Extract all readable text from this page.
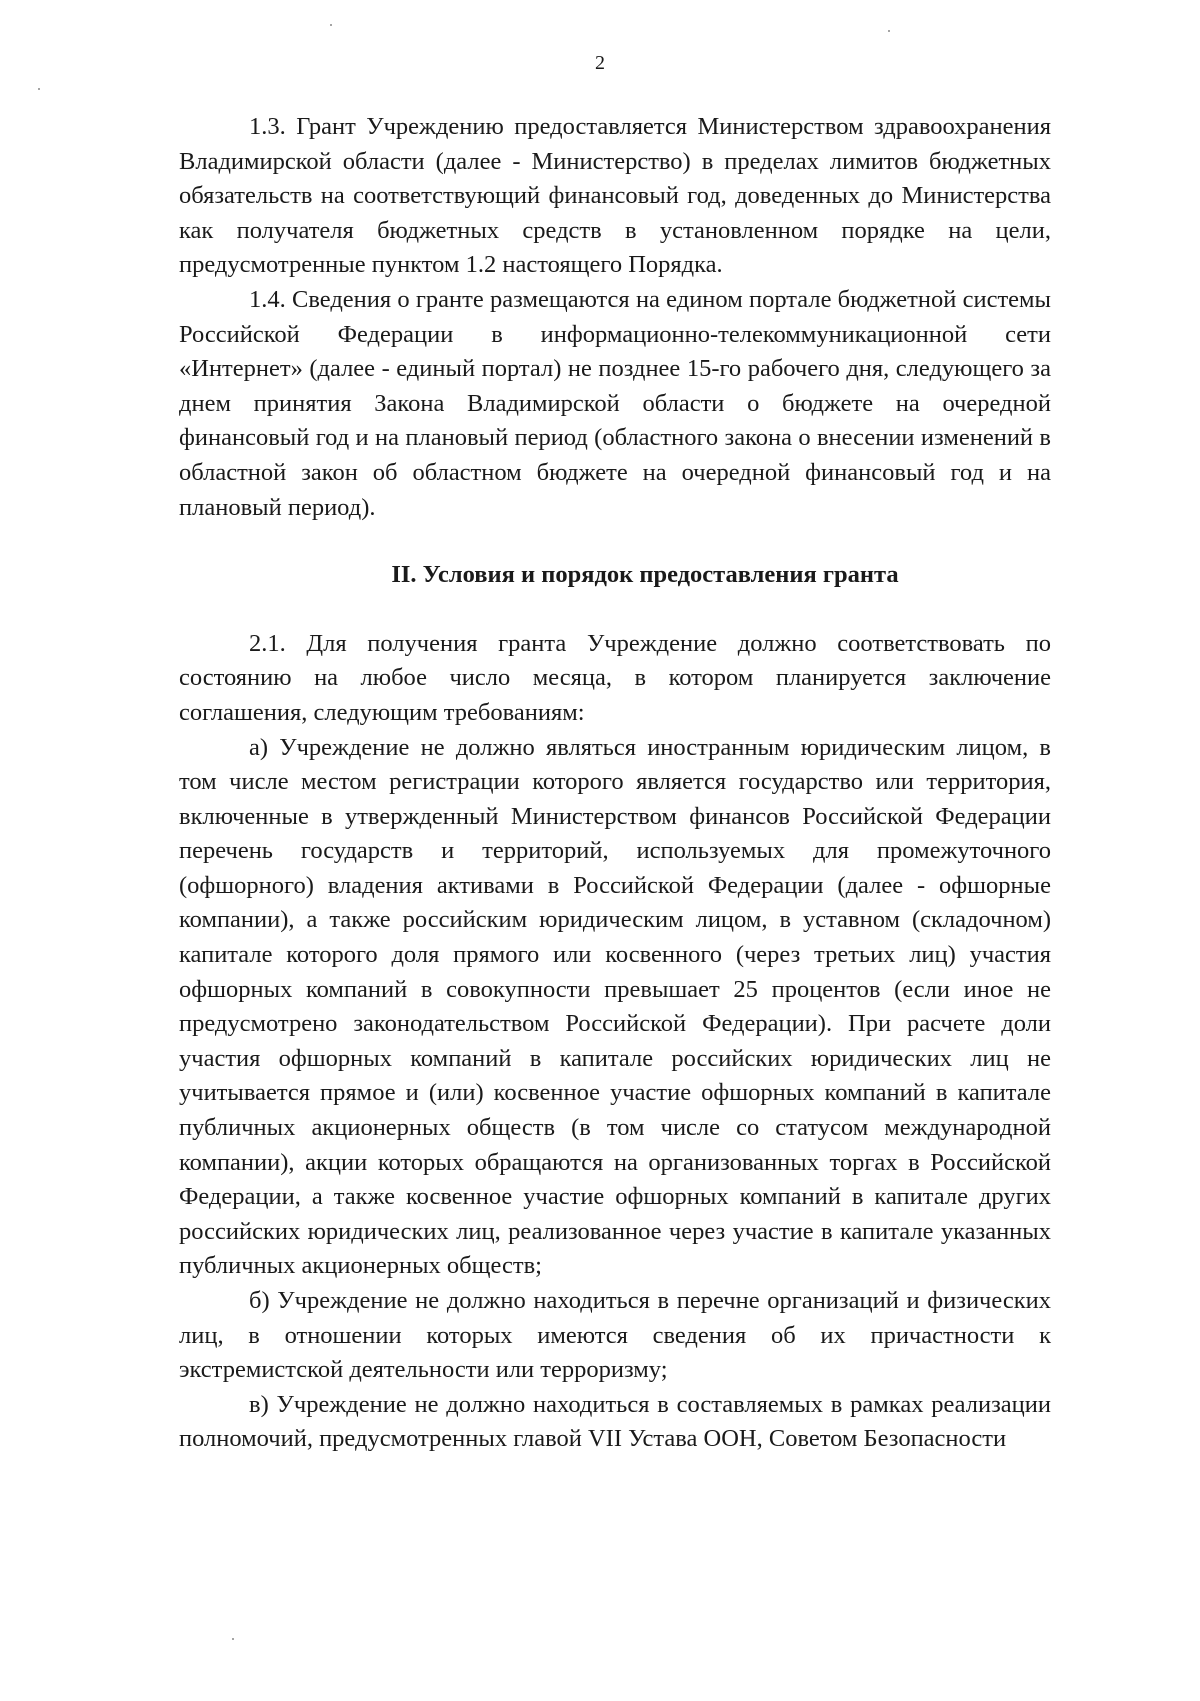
2

1.3. Грант Учреждению предоставляется Министерством здравоохранения Владимирской области (далее - Министерство) в пределах лимитов бюджетных обязательств на соответствующий финансовый год, доведенных до Министерства как получателя бюджетных средств в установленном порядке на цели, предусмотренные пунктом 1.2 настоящего Порядка.

1.4. Сведения о гранте размещаются на едином портале бюджетной системы Российской Федерации в информационно-телекоммуникационной сети «Интернет» (далее - единый портал) не позднее 15-го рабочего дня, следующего за днем принятия Закона Владимирской области о бюджете на очередной финансовый год и на плановый период (областного закона о внесении изменений в областной закон об областном бюджете на очередной финансовый год и на плановый период).

II. Условия и порядок предоставления гранта

2.1. Для получения гранта Учреждение должно соответствовать по состоянию на любое число месяца, в котором планируется заключение соглашения, следующим требованиям:

а) Учреждение не должно являться иностранным юридическим лицом, в том числе местом регистрации которого является государство или территория, включенные в утвержденный Министерством финансов Российской Федерации перечень государств и территорий, используемых для промежуточного (офшорного) владения активами в Российской Федерации (далее - офшорные компании), а также российским юридическим лицом, в уставном (складочном) капитале которого доля прямого или косвенного (через третьих лиц) участия офшорных компаний в совокупности превышает 25 процентов (если иное не предусмотрено законодательством Российской Федерации). При расчете доли участия офшорных компаний в капитале российских юридических лиц не учитывается прямое и (или) косвенное участие офшорных компаний в капитале публичных акционерных обществ (в том числе со статусом международной компании), акции которых обращаются на организованных торгах в Российской Федерации, а также косвенное участие офшорных компаний в капитале других российских юридических лиц, реализованное через участие в капитале указанных публичных акционерных обществ;

б) Учреждение не должно находиться в перечне организаций и физических лиц, в отношении которых имеются сведения об их причастности к экстремистской деятельности или терроризму;

в) Учреждение не должно находиться в составляемых в рамках реализации полномочий, предусмотренных главой VII Устава ООН, Советом Безопасности
